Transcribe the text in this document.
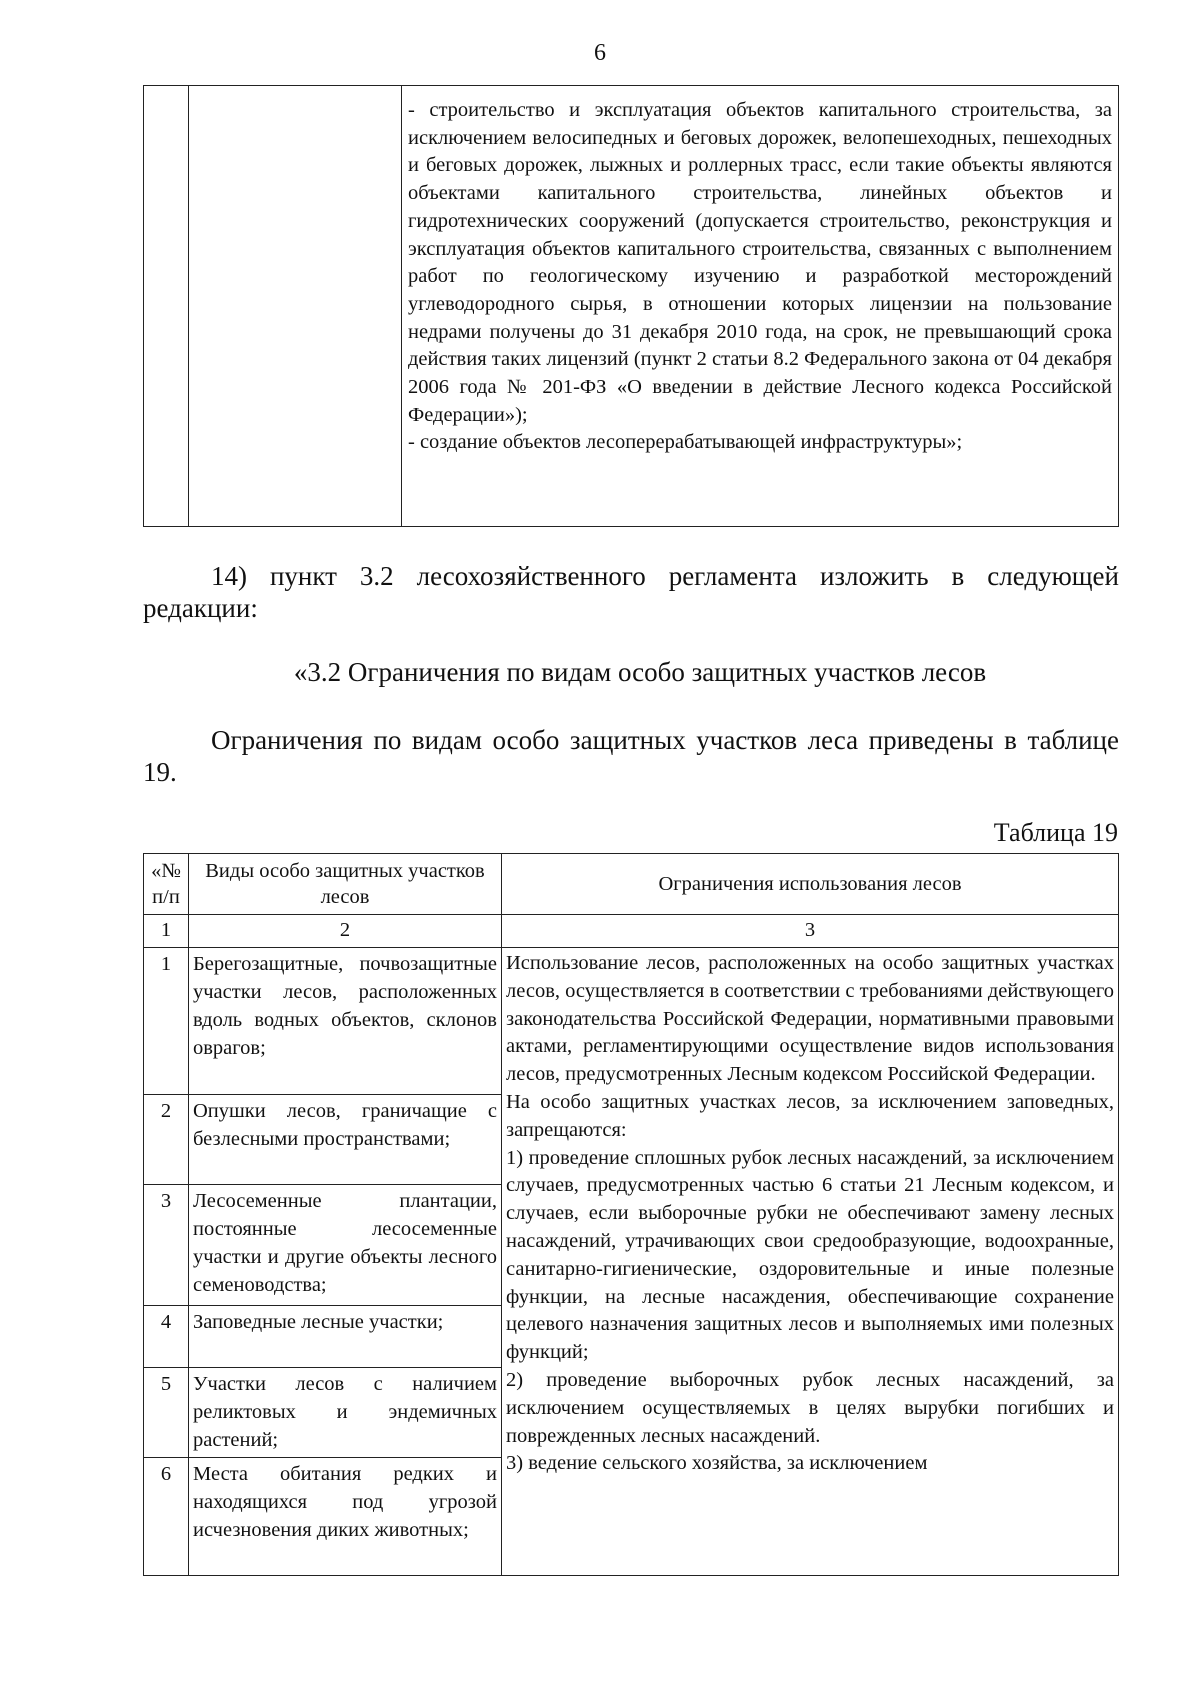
6

- строительство и эксплуатация объектов капитального строительства, за исключением велосипедных и беговых дорожек, велопешеходных, пешеходных и беговых дорожек, лыжных и роллерных трасс, если такие объекты являются объектами капитального строительства, линейных объектов и гидротехнических сооружений (допускается строительство, реконструкция и эксплуатация объектов капитального строительства, связанных с выполнением работ по геологическому изучению и разработкой месторождений углеводородного сырья, в отношении которых лицензии на пользование недрами получены до 31 декабря 2010 года, на срок, не превышающий срока действия таких лицензий (пункт 2 статьи 8.2 Федерального закона от 04 декабря 2006 года № 201-ФЗ «О введении в действие Лесного кодекса Российской Федерации»);
- создание объектов лесоперерабатывающей инфраструктуры»;
14) пункт 3.2 лесохозяйственного регламента изложить в следующей редакции:
«3.2 Ограничения по видам особо защитных участков лесов
Ограничения по видам особо защитных участков леса приведены в таблице 19.
Таблица 19
«№ п/п	Виды особо защитных участков лесов	Ограничения использования лесов
1	2	3
1	Берегозащитные, почвозащитные участки лесов, расположенных вдоль водных объектов, склонов оврагов;	Использование лесов, расположенных на особо защитных участках лесов, осуществляется в соответствии с требованиями действующего законодательства Российской Федерации, нормативными правовыми актами, регламентирующими осуществление видов использования лесов, предусмотренных Лесным кодексом Российской Федерации.
На особо защитных участках лесов, за исключением заповедных, запрещаются:
1) проведение сплошных рубок лесных насаждений, за исключением случаев, предусмотренных частью 6 статьи 21 Лесным кодексом, и случаев, если выборочные рубки не обеспечивают замену лесных насаждений, утрачивающих свои средообразующие, водоохранные, санитарно-гигиенические, оздоровительные и иные полезные функции, на лесные насаждения, обеспечивающие сохранение целевого назначения защитных лесов и выполняемых ими полезных функций;
2) проведение выборочных рубок лесных насаждений, за исключением осуществляемых в целях вырубки погибших и поврежденных лесных насаждений.
3) ведение сельского хозяйства, за исключением

2	Опушки лесов, граничащие с безлесными пространствами;	

3	Лесосеменные плантации, постоянные лесосеменные участки и другие объекты лесного семеноводства;	

4	Заповедные лесные участки;	

5	Участки лесов с наличием реликтовых и эндемичных растений;	

6	Места обитания редких и находящихся под угрозой исчезновения диких животных;	
